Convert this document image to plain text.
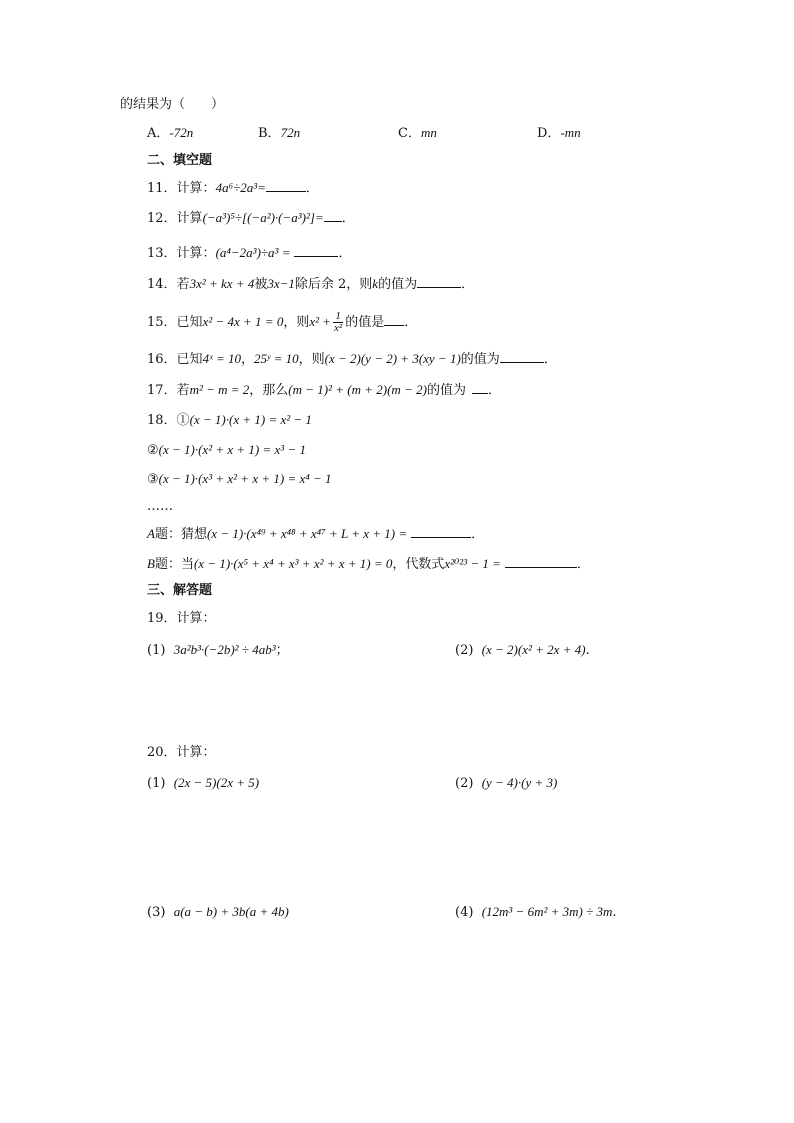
的结果为（　　）
A．-72n	B．72n	C．mn	D．-mn
二、填空题
11．计算：4a⁶÷2a³=	．
12．计算(−a³)⁵÷[(−a²)·(−a³)²]= ．
13．计算：(a⁴−2a³)÷a³ =	．
14．若3x² + kx + 4被3x−1除后余 2，则k的值为	．
15．已知x² − 4x + 1 = 0，则$x^2 + \frac{1}{\text{x²}}$ 的值是 ．
16．已知4ˣ = 10，25ʸ = 10，则(x − 2)(y − 2) + 3(xy − 1)的值为	．
17．若m² − m = 2，那么(m − 1)² + (m + 2)(m − 2)的值为 ．
18．①(x − 1)·(x + 1) = x² − 1
②(x − 1)·(x² + x + 1) = x³ − 1
③(x − 1)·(x³ + x² + x + 1) = x⁴ − 1
……
A题：猜想(x − 1)·(x⁴⁹ + x⁴⁸ + x⁴⁷ + L + x + 1) =	．
B题：当(x − 1)·(x⁵ + x⁴ + x³ + x² + x + 1) = 0，代数式x²⁰²³ − 1 =	．
三、解答题
19．计算：
(1) 3a²b³·(−2b)² ÷ 4ab³；	(2) (x − 2)(x² + 2x + 4).
20．计算：
(1) (2x − 5)(2x + 5)	(2) (y − 4)·(y + 3)
(3) a(a − b) + 3b(a + 4b)	(4) (12m³ − 6m² + 3m) ÷ 3m.
